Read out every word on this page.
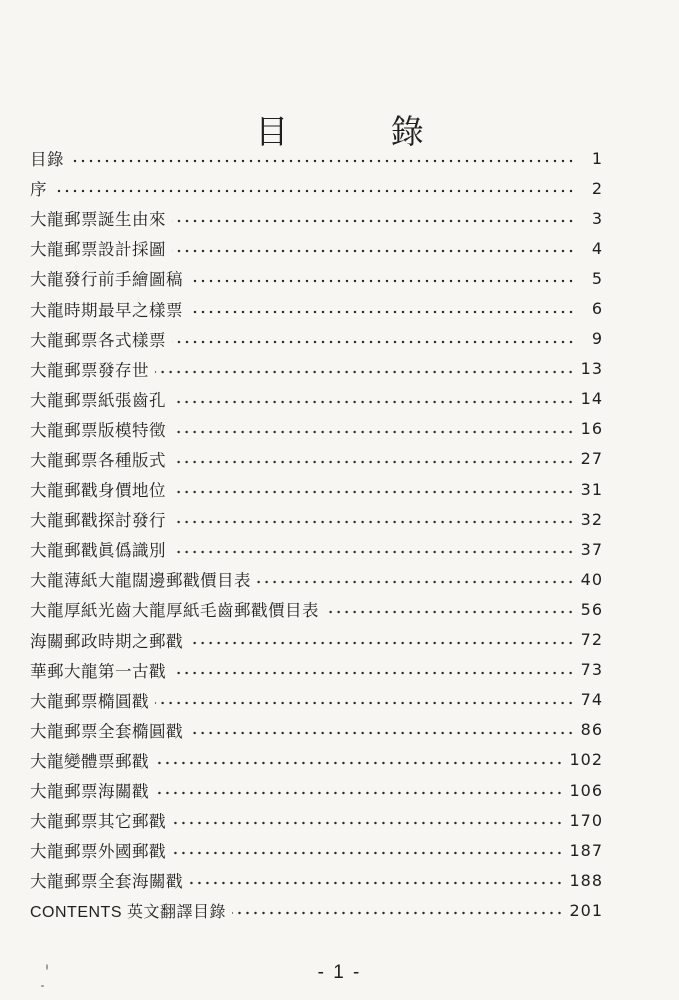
目 錄
目錄	1
序	2
大龍郵票誕生由來	3
大龍郵票設計採圖	4
大龍發行前手繪圖稿	5
大龍時期最早之樣票	6
大龍郵票各式樣票	9
大龍郵票發存世	13
大龍郵票紙張齒孔	14
大龍郵票版模特徵	16
大龍郵票各種版式	27
大龍郵戳身價地位	31
大龍郵戳探討發行	32
大龍郵戳眞僞識別	37
大龍薄紙大龍闊邊郵戳價目表	40
大龍厚紙光齒大龍厚紙毛齒郵戳價目表	56
海關郵政時期之郵戳	72
華郵大龍第一古戳	73
大龍郵票橢圓戳	74
大龍郵票全套橢圓戳	86
大龍變體票郵戳	102
大龍郵票海關戳	106
大龍郵票其它郵戳	170
大龍郵票外國郵戳	187
大龍郵票全套海關戳	188
CONTENTS 英文翻譯目錄	201
- 1 -
